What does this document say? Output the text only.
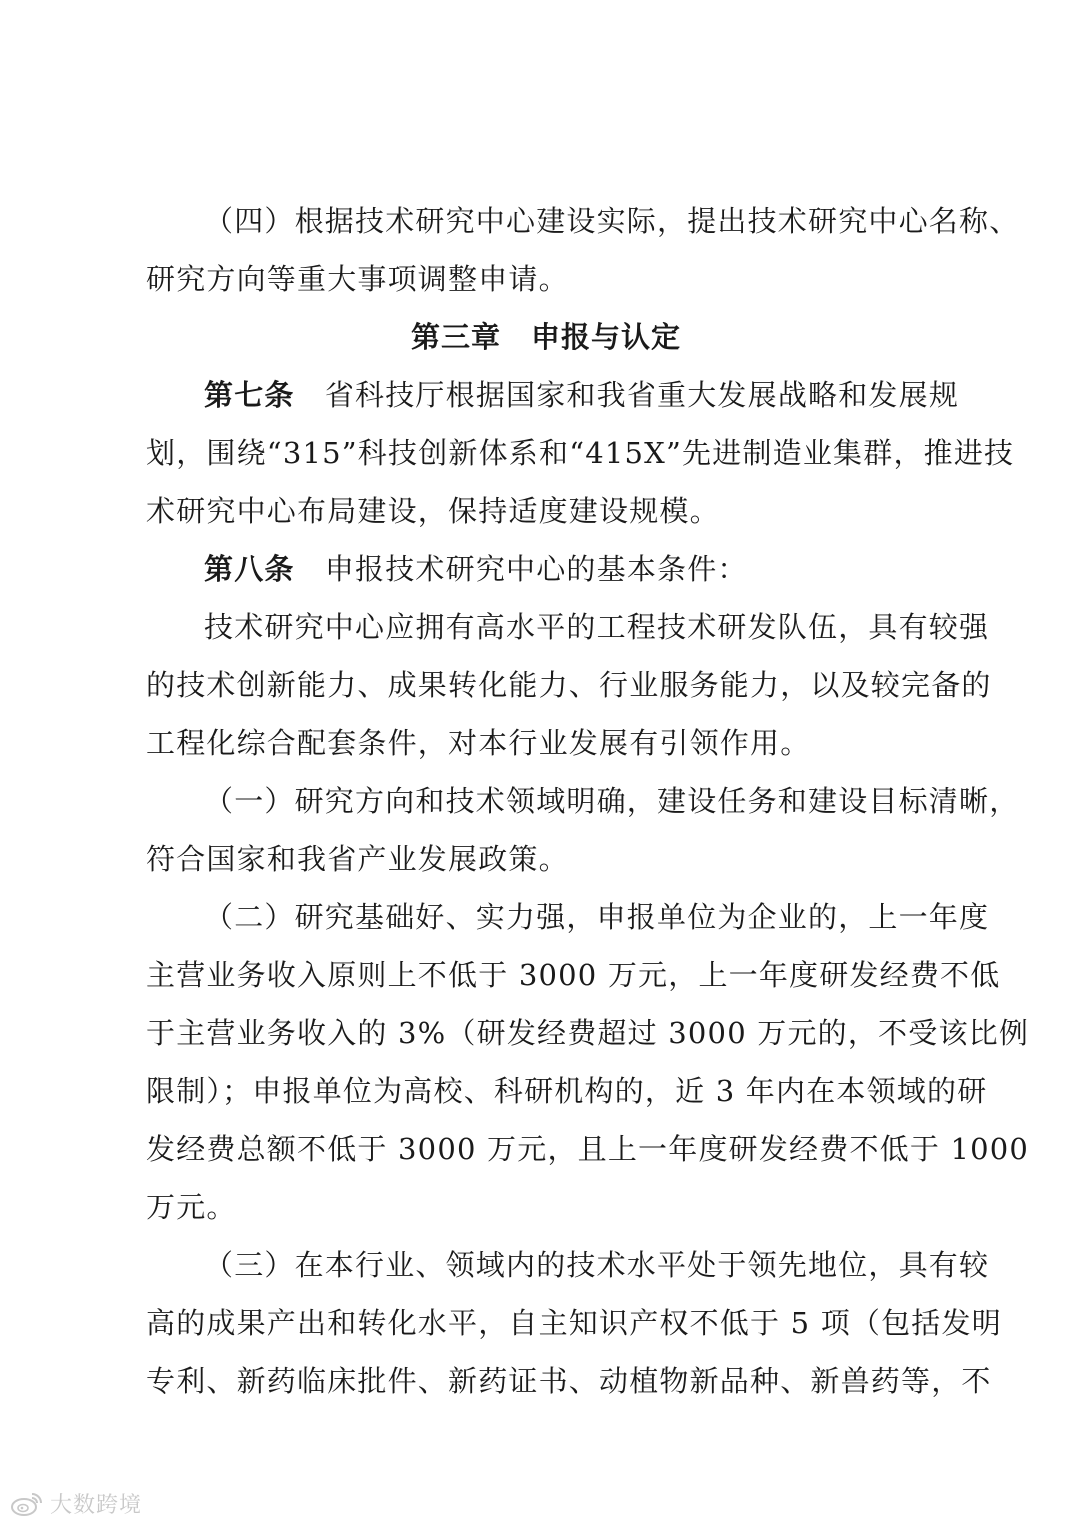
（四）根据技术研究中心建设实际，提出技术研究中心名称、
研究方向等重大事项调整申请。
第三章　申报与认定
第七条　 省科技厅根据国家和我省重大发展战略和发展规
划，围绕“315”科技创新体系和“415X”先进制造业集群，推进技
术研究中心布局建设，保持适度建设规模。
第八条　 申报技术研究中心的基本条件：
技术研究中心应拥有高水平的工程技术研发队伍，具有较强
的技术创新能力、成果转化能力、行业服务能力，以及较完备的
工程化综合配套条件，对本行业发展有引领作用。
（一）研究方向和技术领域明确，建设任务和建设目标清晰，
符合国家和我省产业发展政策。
（二）研究基础好、实力强，申报单位为企业的，上一年度
主营业务收入原则上不低于 3000 万元，上一年度研发经费不低
于主营业务收入的 3%（研发经费超过 3000 万元的，不受该比例
限制）；申报单位为高校、科研机构的，近 3 年内在本领域的研
发经费总额不低于 3000 万元，且上一年度研发经费不低于 1000
万元。
（三）在本行业、领域内的技术水平处于领先地位，具有较
高的成果产出和转化水平，自主知识产权不低于 5 项（包括发明
专利、新药临床批件、新药证书、动植物新品种、新兽药等，不
大数跨境
